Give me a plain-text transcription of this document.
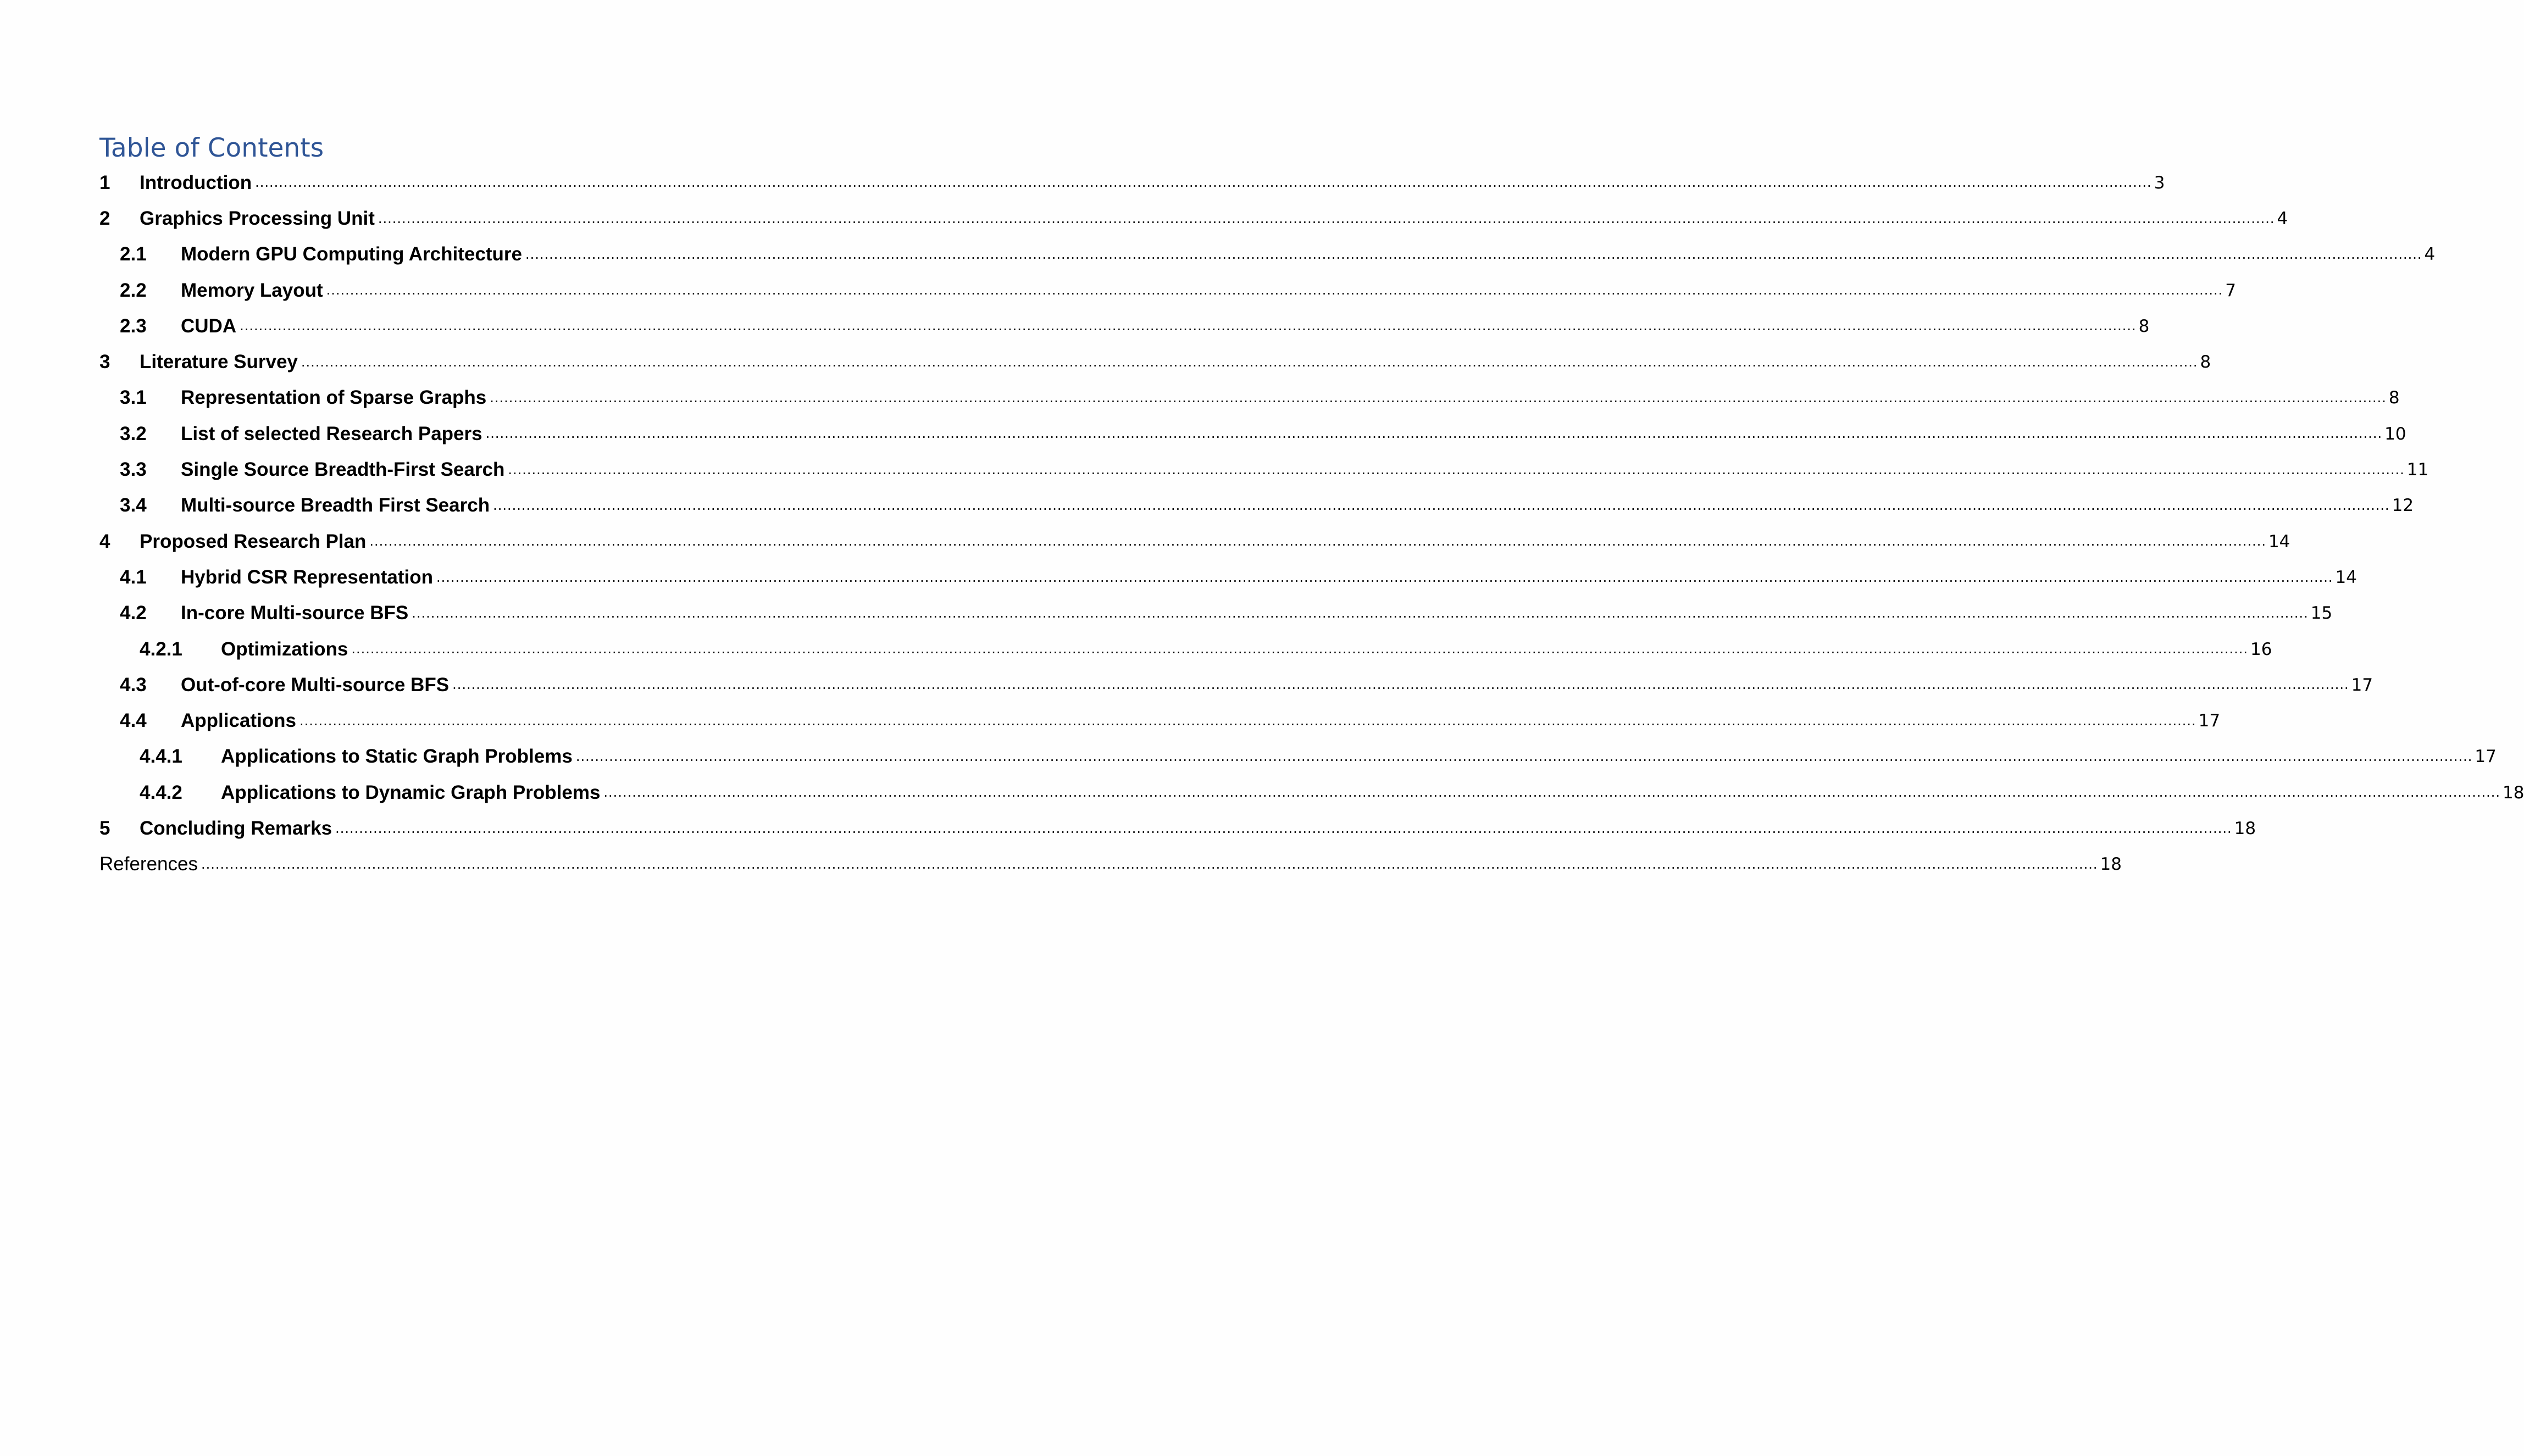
Table of Contents
1	Introduction ................................................................................................................................................................................................................................................................................................................................................................................................................ 3
2	Graphics Processing Unit ................................................................................................................................................................................................................................................................................................................................................................................................................ 4
2.1	Modern GPU Computing Architecture ................................................................................................................................................................................................................................................................................................................................................................................................................ 4
2.2	Memory Layout ................................................................................................................................................................................................................................................................................................................................................................................................................ 7
2.3	CUDA ................................................................................................................................................................................................................................................................................................................................................................................................................ 8
3	Literature Survey ................................................................................................................................................................................................................................................................................................................................................................................................................ 8
3.1	Representation of Sparse Graphs ................................................................................................................................................................................................................................................................................................................................................................................................................ 8
3.2	List of selected Research Papers ................................................................................................................................................................................................................................................................................................................................................................................................................ 10
3.3	Single Source Breadth-First Search ................................................................................................................................................................................................................................................................................................................................................................................................................ 11
3.4	Multi-source Breadth First Search ................................................................................................................................................................................................................................................................................................................................................................................................................ 12
4	Proposed Research Plan ................................................................................................................................................................................................................................................................................................................................................................................................................ 14
4.1	Hybrid CSR Representation ................................................................................................................................................................................................................................................................................................................................................................................................................ 14
4.2	In-core Multi-source BFS ................................................................................................................................................................................................................................................................................................................................................................................................................ 15
4.2.1	Optimizations ................................................................................................................................................................................................................................................................................................................................................................................................................ 16
4.3	Out-of-core Multi-source BFS ................................................................................................................................................................................................................................................................................................................................................................................................................ 17
4.4	Applications ................................................................................................................................................................................................................................................................................................................................................................................................................ 17
4.4.1	Applications to Static Graph Problems ................................................................................................................................................................................................................................................................................................................................................................................................................ 17
4.4.2	Applications to Dynamic Graph Problems ................................................................................................................................................................................................................................................................................................................................................................................................................ 18
5	Concluding Remarks ................................................................................................................................................................................................................................................................................................................................................................................................................ 18
References ................................................................................................................................................................................................................................................................................................................................................................................................................ 18
